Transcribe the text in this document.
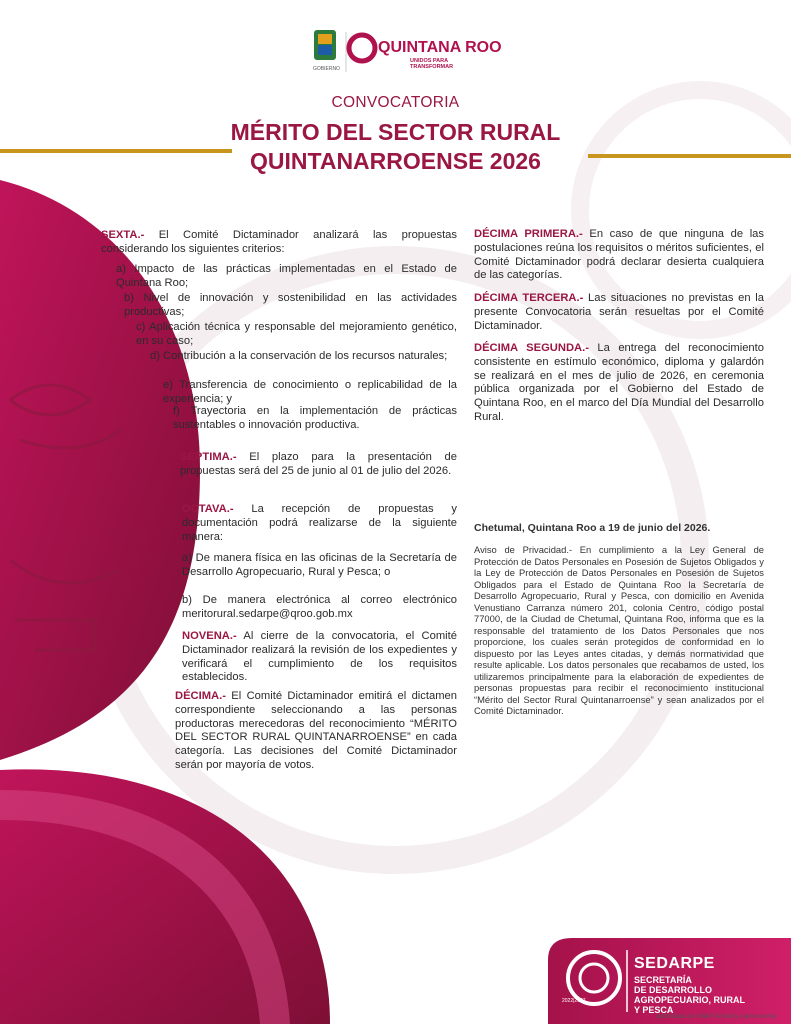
GOBIERNO
QUINTANA ROO
UNIDOS PARA
TRANSFORMAR
CONVOCATORIA
MÉRITO DEL SECTOR RURAL
QUINTANARROENSE 2026

SEXTA.- El Comité Dictaminador analizará las propuestas considerando los siguientes criterios:

a) Impacto de las prácticas implementadas en el Estado de Quintana Roo;

b) Nivel de innovación y sostenibilidad en las actividades productivas;

c) Aplicación técnica y responsable del mejoramiento genético, en su caso;

d) Contribución a la conservación de los recursos naturales;

e) Transferencia de conocimiento o replicabilidad de la experiencia; y

f) Trayectoria en la implementación de prácticas sustentables o innovación productiva.

SÉPTIMA.- El plazo para la presentación de propuestas será del 25 de junio al 01 de julio del 2026.

OCTAVA.- La recepción de propuestas y documentación podrá realizarse de la siguiente manera:

a) De manera física en las oficinas de la Secretaría de Desarrollo Agropecuario, Rural y Pesca; o

b) De manera electrónica al correo electrónico meritorural.sedarpe@qroo.gob.mx

NOVENA.- Al cierre de la convocatoria, el Comité Dictaminador realizará la revisión de los expedientes y verificará el cumplimiento de los requisitos establecidos.

DÉCIMA.- El Comité Dictaminador emitirá el dictamen correspondiente seleccionando a las personas productoras merecedoras del reconocimiento “MÉRITO DEL SECTOR RURAL QUINTANARROENSE” en cada categoría. Las decisiones del Comité Dictaminador serán por mayoría de votos.

DÉCIMA PRIMERA.- En caso de que ninguna de las postulaciones reúna los requisitos o méritos suficientes, el Comité Dictaminador podrá declarar desierta cualquiera de las categorías.

DÉCIMA TERCERA.- Las situaciones no previstas en la presente Convocatoria serán resueltas por el Comité Dictaminador.

DÉCIMA SEGUNDA.- La entrega del reconocimiento consistente en estímulo económico, diploma y galardón se realizará en el mes de julio de 2026, en ceremonia pública organizada por el Gobierno del Estado de Quintana Roo, en el marco del Día Mundial del Desarrollo Rural.

Chetumal, Quintana Roo a 19 de junio del 2026.
Aviso de Privacidad.- En cumplimiento a la Ley General de Protección de Datos Personales en Posesión de Sujetos Obligados y la Ley de Protección de Datos Personales en Posesión de Sujetos Obligados para el Estado de Quintana Roo la Secretaría de Desarrollo Agropecuario, Rural y Pesca, con domicilio en Avenida Venustiano Carranza número 201, colonia Centro, código postal 77000, de la Ciudad de Chetumal, Quintana Roo, informa que es la responsable del tratamiento de los Datos Personales que nos proporcione, los cuales serán protegidos de conformidad en lo dispuesto por las Leyes antes citadas, y demás normatividad que resulte aplicable. Los datos personales que recabamos de usted, los utilizaremos principalmente para la elaboración de expedientes de personas propuestas para recibir el reconocimiento institucional “Mérito del Sector Rural Quintanarroense” y sean analizados por el Comité Dictaminador.
SEDARPE
SECRETARÍA
DE DESARROLLO
AGROPECUARIO, RURAL
Y PESCA
2022|2027
optimizada con WebP Alchemy Autoconverter
